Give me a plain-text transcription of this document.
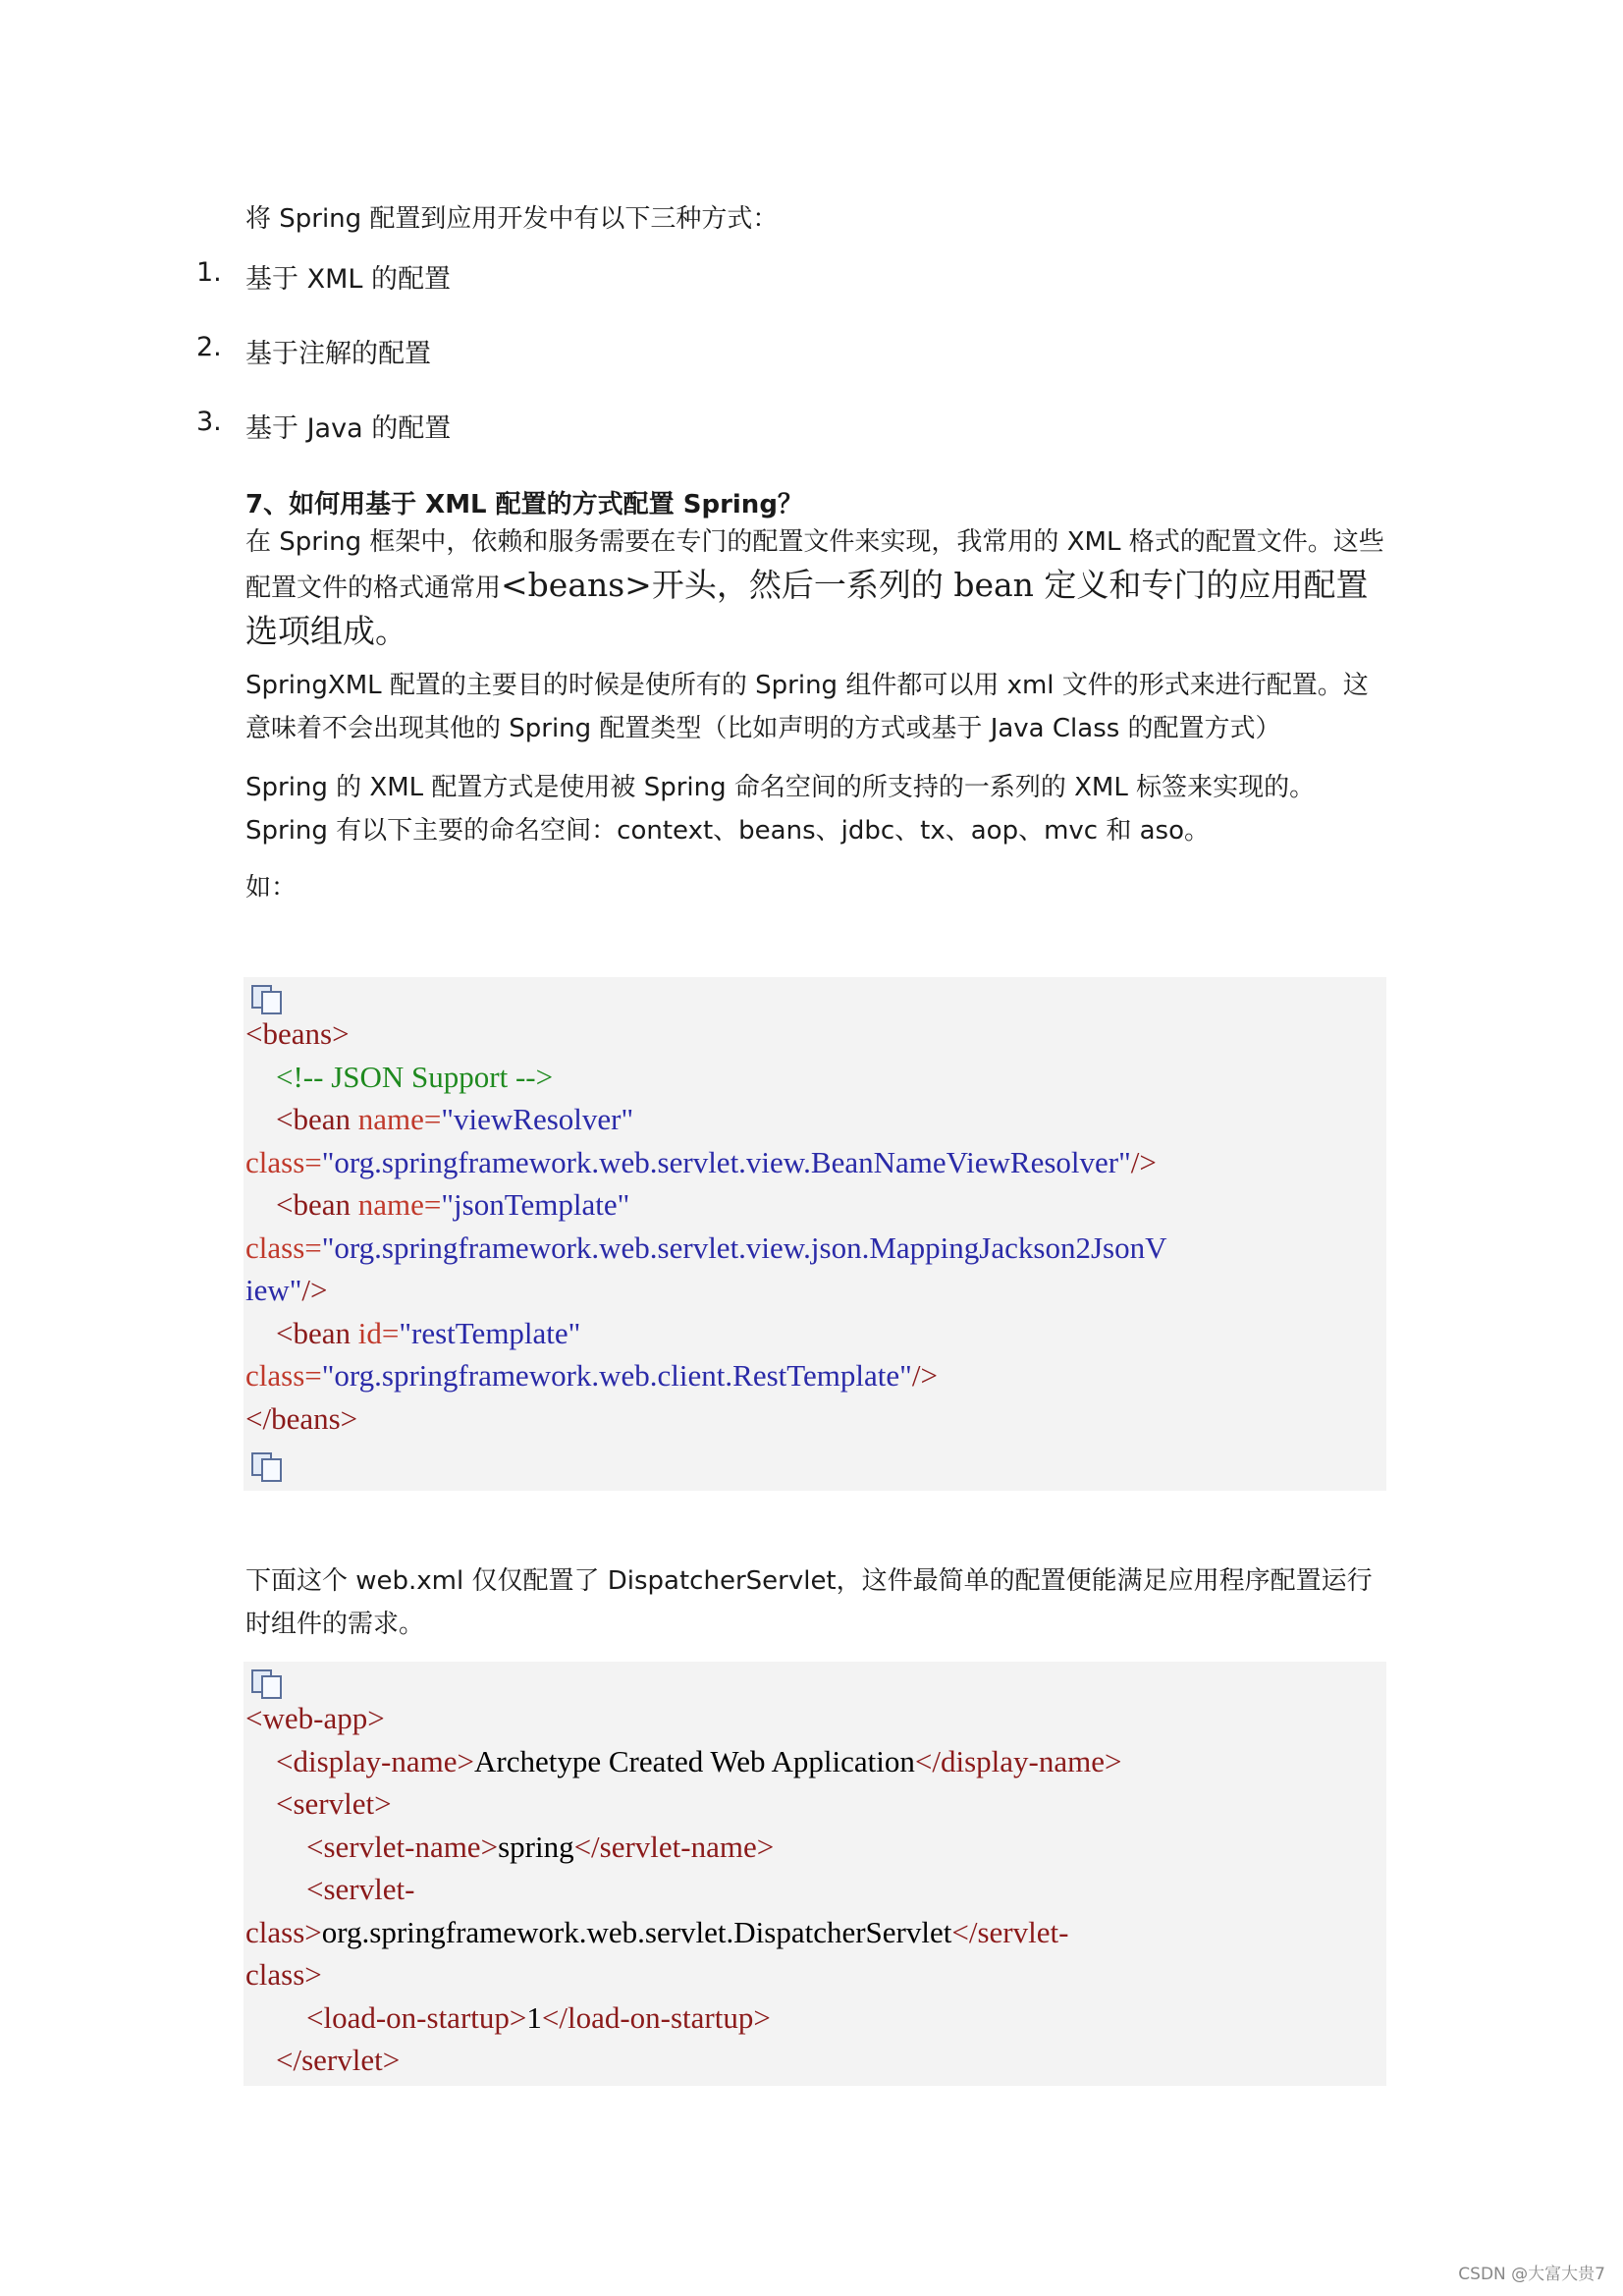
将 Spring 配置到应用开发中有以下三种方式：
1. 基于 XML 的配置
2. 基于注解的配置
3. 基于 Java 的配置
7、如何用基于 XML 配置的方式配置 Spring？
在 Spring 框架中，依赖和服务需要在专门的配置文件来实现，我常用的 XML 格式的配置文件。这些配置文件的格式通常用<beans>开头，然后一系列的 bean 定义和专门的应用配置选项组成。
SpringXML 配置的主要目的时候是使所有的 Spring 组件都可以用 xml 文件的形式来进行配置。这意味着不会出现其他的 Spring 配置类型（比如声明的方式或基于 Java Class 的配置方式）
Spring 的 XML 配置方式是使用被 Spring 命名空间的所支持的一系列的 XML 标签来实现的。Spring 有以下主要的命名空间：context、beans、jdbc、tx、aop、mvc 和 aso。
如：
<beans>
<!-- JSON Support -->
<bean name="viewResolver"
class="org.springframework.web.servlet.view.BeanNameViewResolver"/>
<bean name="jsonTemplate"
class="org.springframework.web.servlet.view.json.MappingJackson2JsonV
iew"/>
<bean id="restTemplate"
class="org.springframework.web.client.RestTemplate"/>
</beans>
下面这个 web.xml 仅仅配置了 DispatcherServlet，这件最简单的配置便能满足应用程序配置运行时组件的需求。
<web-app>
<display-name>Archetype Created Web Application</display-name>
<servlet>
<servlet-name>spring</servlet-name>
<servlet-
class>org.springframework.web.servlet.DispatcherServlet</servlet-
class>
<load-on-startup>1</load-on-startup>
</servlet>
CSDN @大富大贵7
